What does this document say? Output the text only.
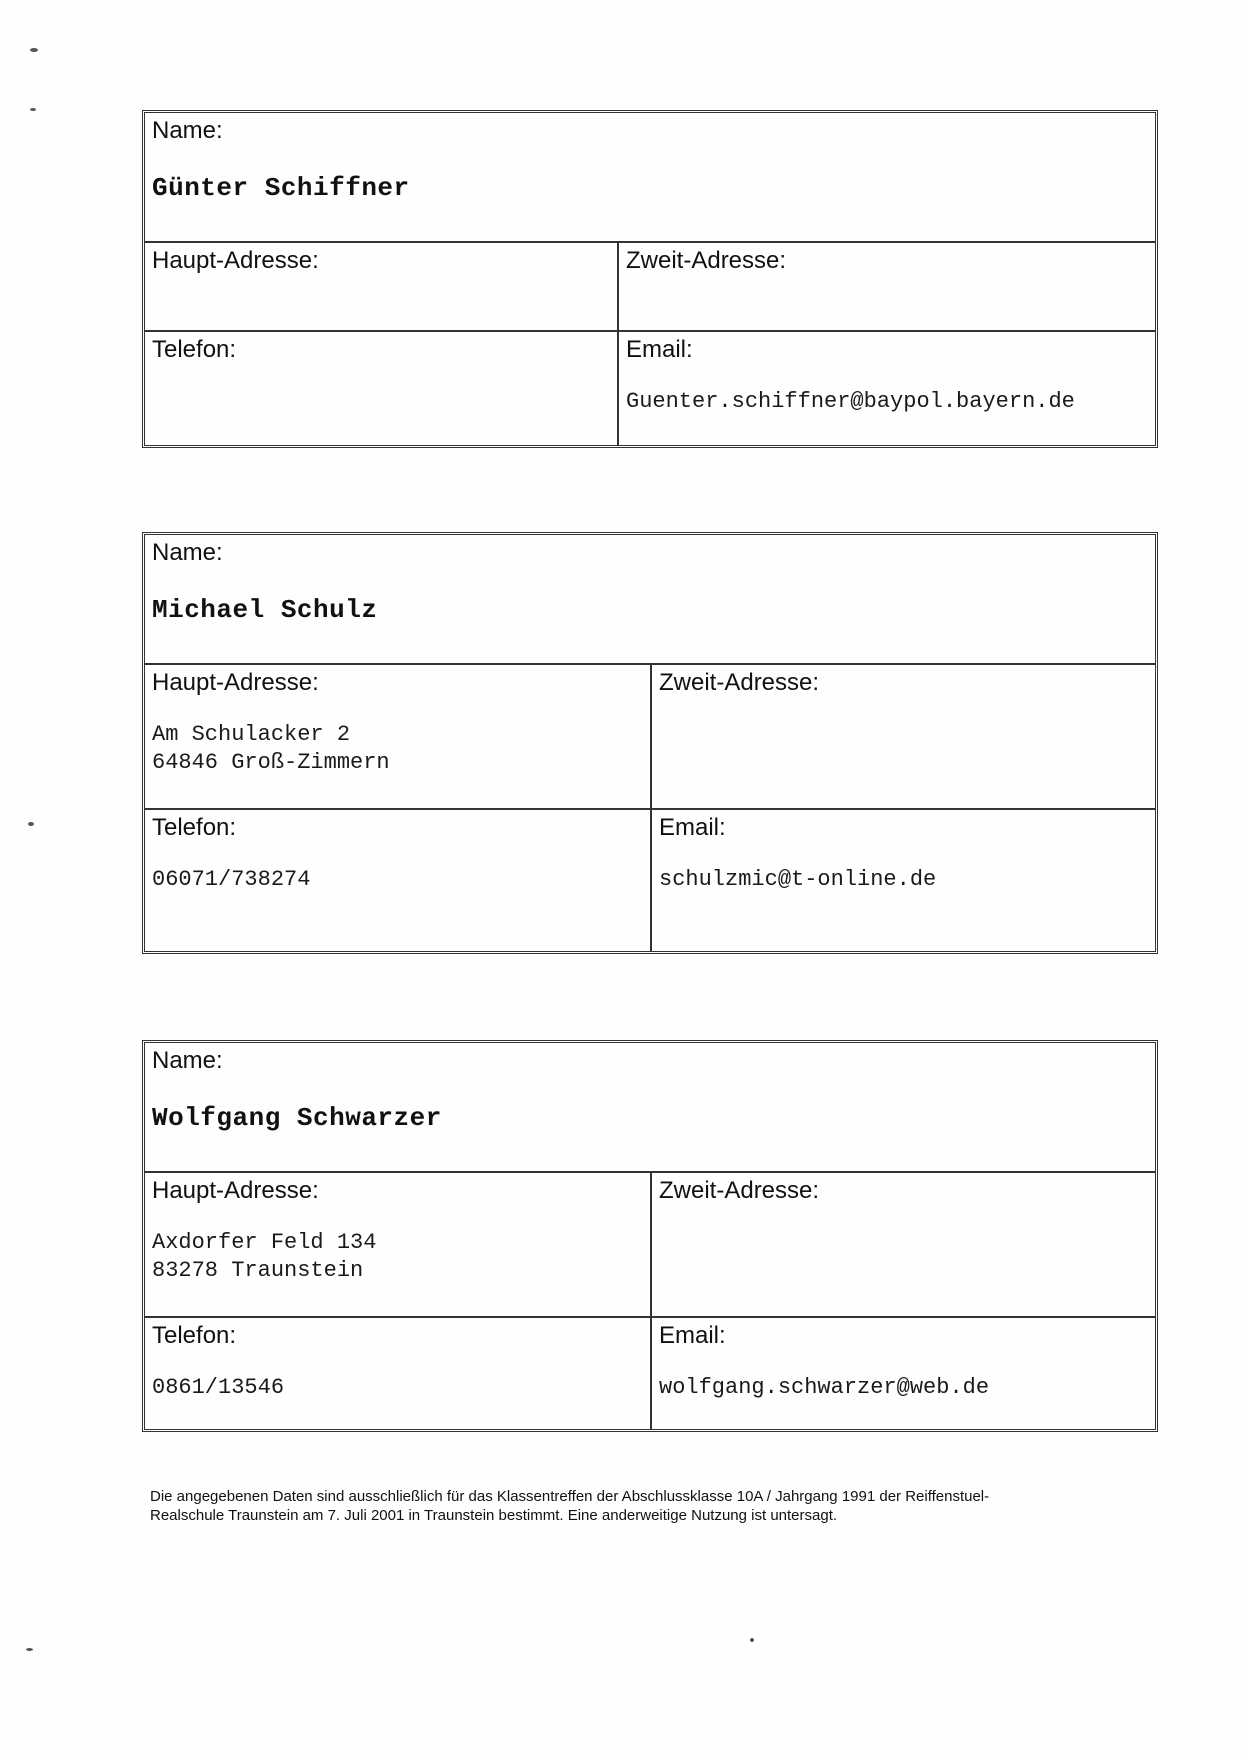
Name:
Günter Schiffner
Haupt-Adresse:	Zweit-Adresse:
Telefon:	Email:
Guenter.schiffner@baypol.bayern.de
Name:
Michael Schulz
Haupt-Adresse:
Am Schulacker 2
64846 Groß-Zimmern
Zweit-Adresse:
Telefon:
06071/738274
Email:
schulzmic@t-online.de
Name:
Wolfgang Schwarzer
Haupt-Adresse:
Axdorfer Feld 134
83278 Traunstein
Zweit-Adresse:
Telefon:
0861/13546
Email:
wolfgang.schwarzer@web.de
Die angegebenen Daten sind ausschließlich für das Klassentreffen der Abschlussklasse 10A / Jahrgang 1991 der Reiffenstuel-
Realschule Traunstein am 7. Juli 2001 in Traunstein bestimmt. Eine anderweitige Nutzung ist untersagt.
